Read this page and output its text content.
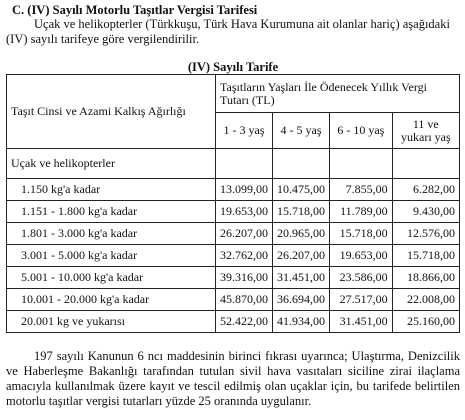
C. (IV) Sayılı Motorlu Taşıtlar Vergisi Tarifesi
Uçak ve helikopterler (Türkkuşu, Türk Hava Kurumuna ait olanlar hariç) aşağıdaki (IV) sayılı tarifeye göre vergilendirilir.
(IV) Sayılı Tarife
Taşıt Cinsi ve Azami Kalkış Ağırlığı	Taşıtların Yaşları İle Ödenecek Yıllık Vergi Tutarı (TL)			
	1 - 3 yaş	4 - 5 yaş	6 - 10 yaş	11 ve yukarı yaş
Uçak ve helikopterler				
1.150 kg'a kadar	13.099,00	10.475,00	7.855,00	6.282,00
1.151 - 1.800 kg'a kadar	19.653,00	15.718,00	11.789,00	9.430,00
1.801 - 3.000 kg'a kadar	26.207,00	20.965,00	15.718,00	12.576,00
3.001 - 5.000 kg'a kadar	32.762,00	26.207,00	19.653,00	15.718,00
5.001 - 10.000 kg'a kadar	39.316,00	31.451,00	23.586,00	18.866,00
10.001 - 20.000 kg'a kadar	45.870,00	36.694,00	27.517,00	22.008,00
20.001 kg ve yukarısı	52.422,00	41.934,00	31.451,00	25.160,00
197 sayılı Kanunun 6 ncı maddesinin birinci fıkrası uyarınca; Ulaştırma, Denizcilik ve Haberleşme Bakanlığı tarafından tutulan sivil hava vasıtaları siciline zirai ilaçlama amacıyla kullanılmak üzere kayıt ve tescil edilmiş olan uçaklar için, bu tarifede belirtilen motorlu taşıtlar vergisi tutarları yüzde 25 oranında uygulanır.
